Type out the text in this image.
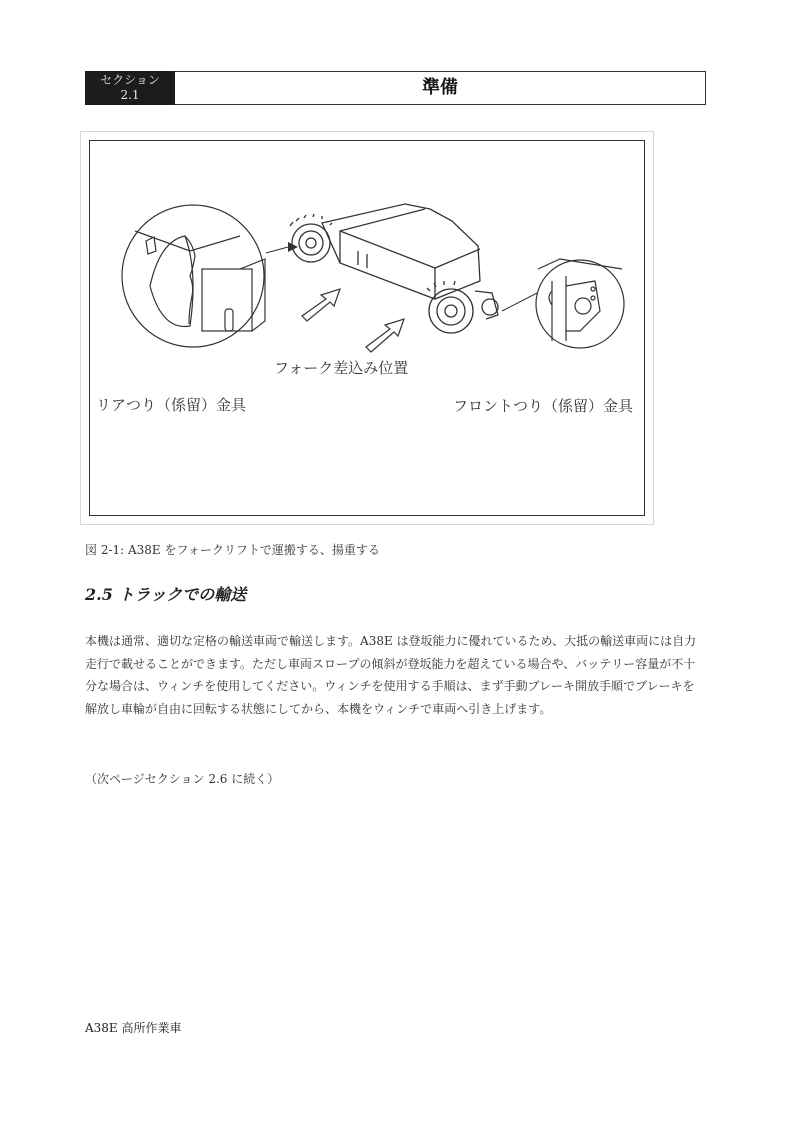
セクション
2.1	準備
フォーク差込み位置
リアつり（係留）金具	フロントつり（係留）金具
図 2-1: A38E をフォークリフトで運搬する、揚重する
2.5 トラックでの輸送

本機は通常、適切な定格の輸送車両で輸送します。A38E は登坂能力に優れているため、大抵の輸送車両には自力走行で載せることができます。ただし車両スロープの傾斜が登坂能力を超えている場合や、バッテリー容量が不十分な場合は、ウィンチを使用してください。ウィンチを使用する手順は、まず手動ブレーキ開放手順でブレーキを解放し車輪が自由に回転する状態にしてから、本機をウィンチで車両へ引き上げます。

（次ページセクション 2.6 に続く）
A38E 高所作業車
